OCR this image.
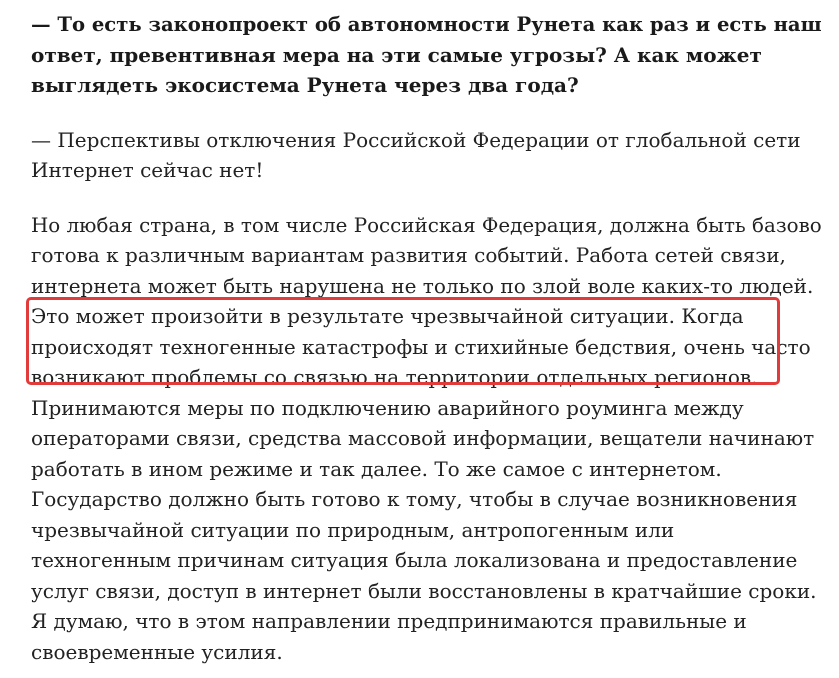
— То есть законопроект об автономности Рунета как раз и есть наш
ответ, превентивная мера на эти самые угрозы? А как может
выглядеть экосистема Рунета через два года?

— Перспективы отключения Российской Федерации от глобальной сети
Интернет сейчас нет!

Но любая страна, в том числе Российская Федерация, должна быть базово
готова к различным вариантам развития событий. Работа сетей связи,
интернета может быть нарушена не только по злой воле каких-то людей.
Это может произойти в результате чрезвычайной ситуации. Когда
происходят техногенные катастрофы и стихийные бедствия, очень часто
возникают проблемы со связью на территории отдельных регионов.
Принимаются меры по подключению аварийного роуминга между
операторами связи, средства массовой информации, вещатели начинают
работать в ином режиме и так далее. То же самое с интернетом.
Государство должно быть готово к тому, чтобы в случае возникновения
чрезвычайной ситуации по природным, антропогенным или
техногенным причинам ситуация была локализована и предоставление
услуг связи, доступ в интернет были восстановлены в кратчайшие сроки.
Я думаю, что в этом направлении предпринимаются правильные и
своевременные усилия.
